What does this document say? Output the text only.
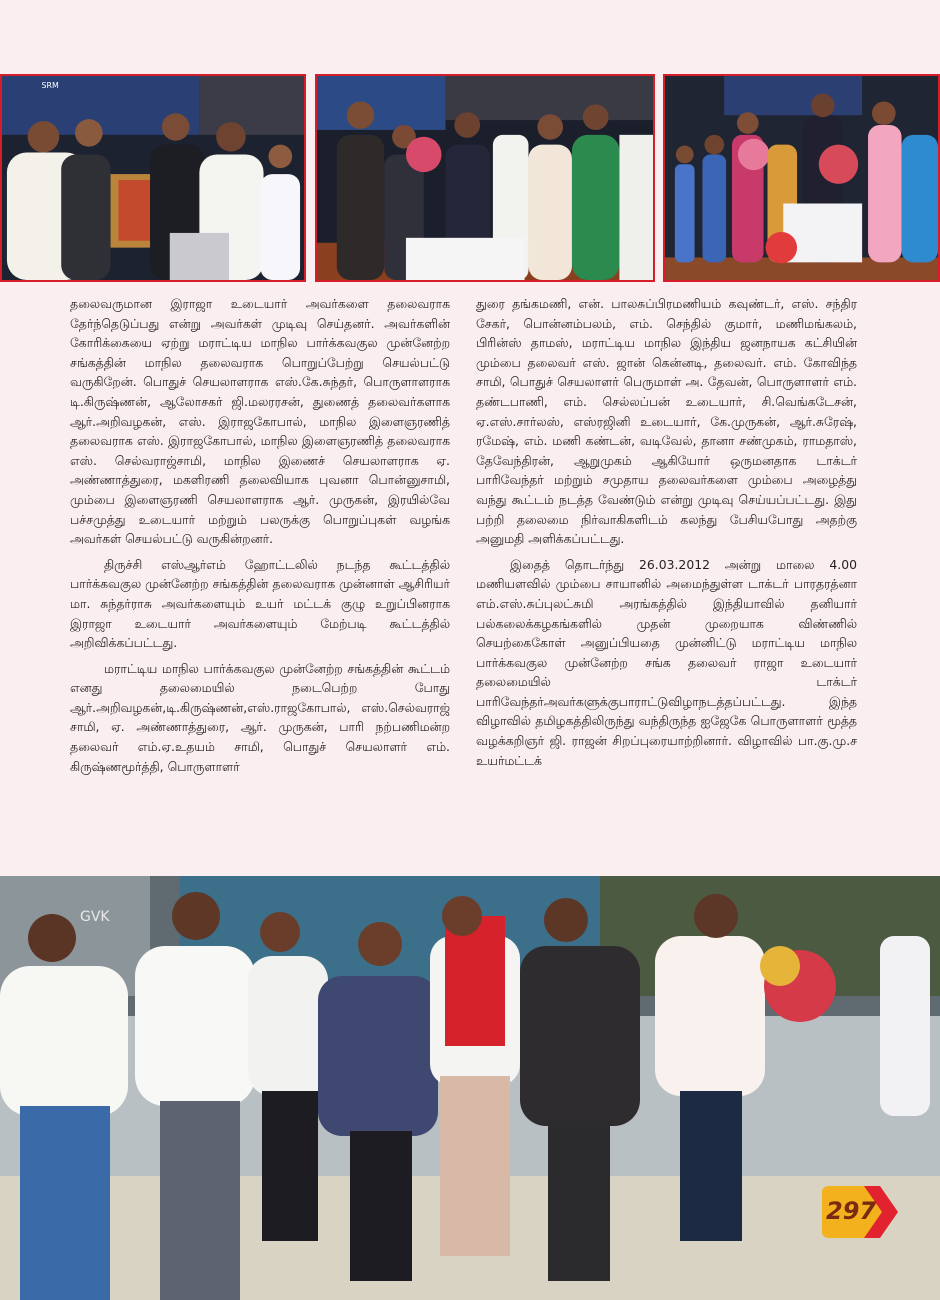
SRM

தலைவருமான இராஜா உடையார் அவர்களை தலைவராக தேர்ந்தெடுப்பது என்று அவர்கள் முடிவு செய்தனர். அவர்களின் கோரிக்கையை ஏற்று மராட்டிய மாநில பார்க்கவகுல முன்னேற்ற சங்கத்தின் மாநில தலைவராக பொறுப்பேற்று செயல்பட்டு வருகிறேன். பொதுச் செயலாளராக எஸ்.கே.சுந்தர், பொருளாளராக டி.கிருஷ்ணன், ஆலோசகர் ஜி.மலரரசன், துணைத் தலைவர்களாக ஆர்.அறிவழகன், எஸ். இராஜகோபால், மாநில இளைஞரணித் தலைவராக எஸ். இராஜகோபால், மாநில இளைஞரணித் தலைவராக எஸ். செல்வராஜ்சாமி, மாநில இணைச் செயலாளராக ஏ. அண்ணாத்துரை, மகளிரணி தலைவியாக புவனா பொன்னுசாமி, மும்பை இளைஞரணி செயலாளராக ஆர். முருகன், இரயில்வே பச்சமுத்து உடையார் மற்றும் பலருக்கு பொறுப்புகள் வழங்க அவர்கள் செயல்பட்டு வருகின்றனர்.

திருச்சி எஸ்ஆர்எம் ஹோட்டலில் நடந்த கூட்டத்தில் பார்க்கவகுல முன்னேற்ற சங்கத்தின் தலைவராக முன்னாள் ஆசிரியர் மா. சுந்தர்ராசு அவர்களையும் உயர் மட்டக் குழு உறுப்பினராக இராஜா உடையார் அவர்களையும் மேற்படி கூட்டத்தில் அறிவிக்கப்பட்டது.

மராட்டிய மாநில பார்க்கவகுல முன்னேற்ற சங்கத்தின் கூட்டம் எனது தலைமையில் நடைபெற்ற போது ஆர்.அறிவழகன்,டி.கிருஷ்ணன்,எஸ்.ராஜகோபால், எஸ்.செல்வராஜ் சாமி, ஏ. அண்ணாத்துரை, ஆர். முருகன், பாரி நற்பணிமன்ற தலைவர் எம்.ஏ.உதயம் சாமி, பொதுச் செயலாளர் எம். கிருஷ்ணமூர்த்தி, பொருளாளர்

துரை தங்கமணி, என். பாலசுப்பிரமணியம் கவுண்டர், எஸ். சந்திர சேகர், பொன்னம்பலம், எம். செந்தில் குமார், மணிமங்கலம், பிரின்ஸ் தாமஸ், மராட்டிய மாநில இந்திய ஜனநாயக கட்சியின் மும்பை தலைவர் எஸ். ஜான் கென்னடி, தலைவர். எம். கோவிந்த சாமி, பொதுச் செயலாளர் பெருமாள் அ. தேவன், பொருளாளர் எம். தண்டபாணி, எம். செல்லப்பன் உடையார், சி.வெங்கடேசன், ஏ.எஸ்.சார்லஸ், எஸ்ரஜினி உடையார், கே.முருகன், ஆர்.சுரேஷ், ரமேஷ், எம். மணி கண்டன், வடிவேல், தானா சண்முகம், ராமதாஸ், தேவேந்திரன், ஆறுமுகம் ஆகியோர் ஒருமனதாக டாக்டர் பாரிவேந்தர் மற்றும் சமுதாய தலைவர்களை மும்பை அழைத்து வந்து கூட்டம் நடத்த வேண்டும் என்று முடிவு செய்யப்பட்டது. இது பற்றி தலைமை நிர்வாகிகளிடம் கலந்து பேசியபோது அதற்கு அனுமதி அளிக்கப்பட்டது.

இதைத் தொடர்ந்து 26.03.2012 அன்று மாலை 4.00 மணியளவில் மும்பை சாயானில் அமைந்துள்ள டாக்டர் பாரதரத்னா எம்.எஸ்.சுப்புலட்சுமி அரங்கத்தில் இந்தியாவில் தனியார் பல்கலைக்கழகங்களில் முதன் முறையாக விண்ணில் செயற்கைகோள் அனுப்பியதை முன்னிட்டு மராட்டிய மாநில பார்க்கவகுல முன்னேற்ற சங்க தலைவர் ராஜா உடையார் தலைமையில் டாக்டர் பாரிவேந்தர்அவர்களுக்குபாராட்டுவிழாநடத்தப்பட்டது. இந்த விழாவில் தமிழகத்திலிருந்து வந்திருந்த ஐஜேகே பொருளாளர் மூத்த வழக்கறிஞர் ஜி. ராஜன் சிறப்புரையாற்றினார். விழாவில் பா.கு.மு.ச உயர்மட்டக்

GVK
297
